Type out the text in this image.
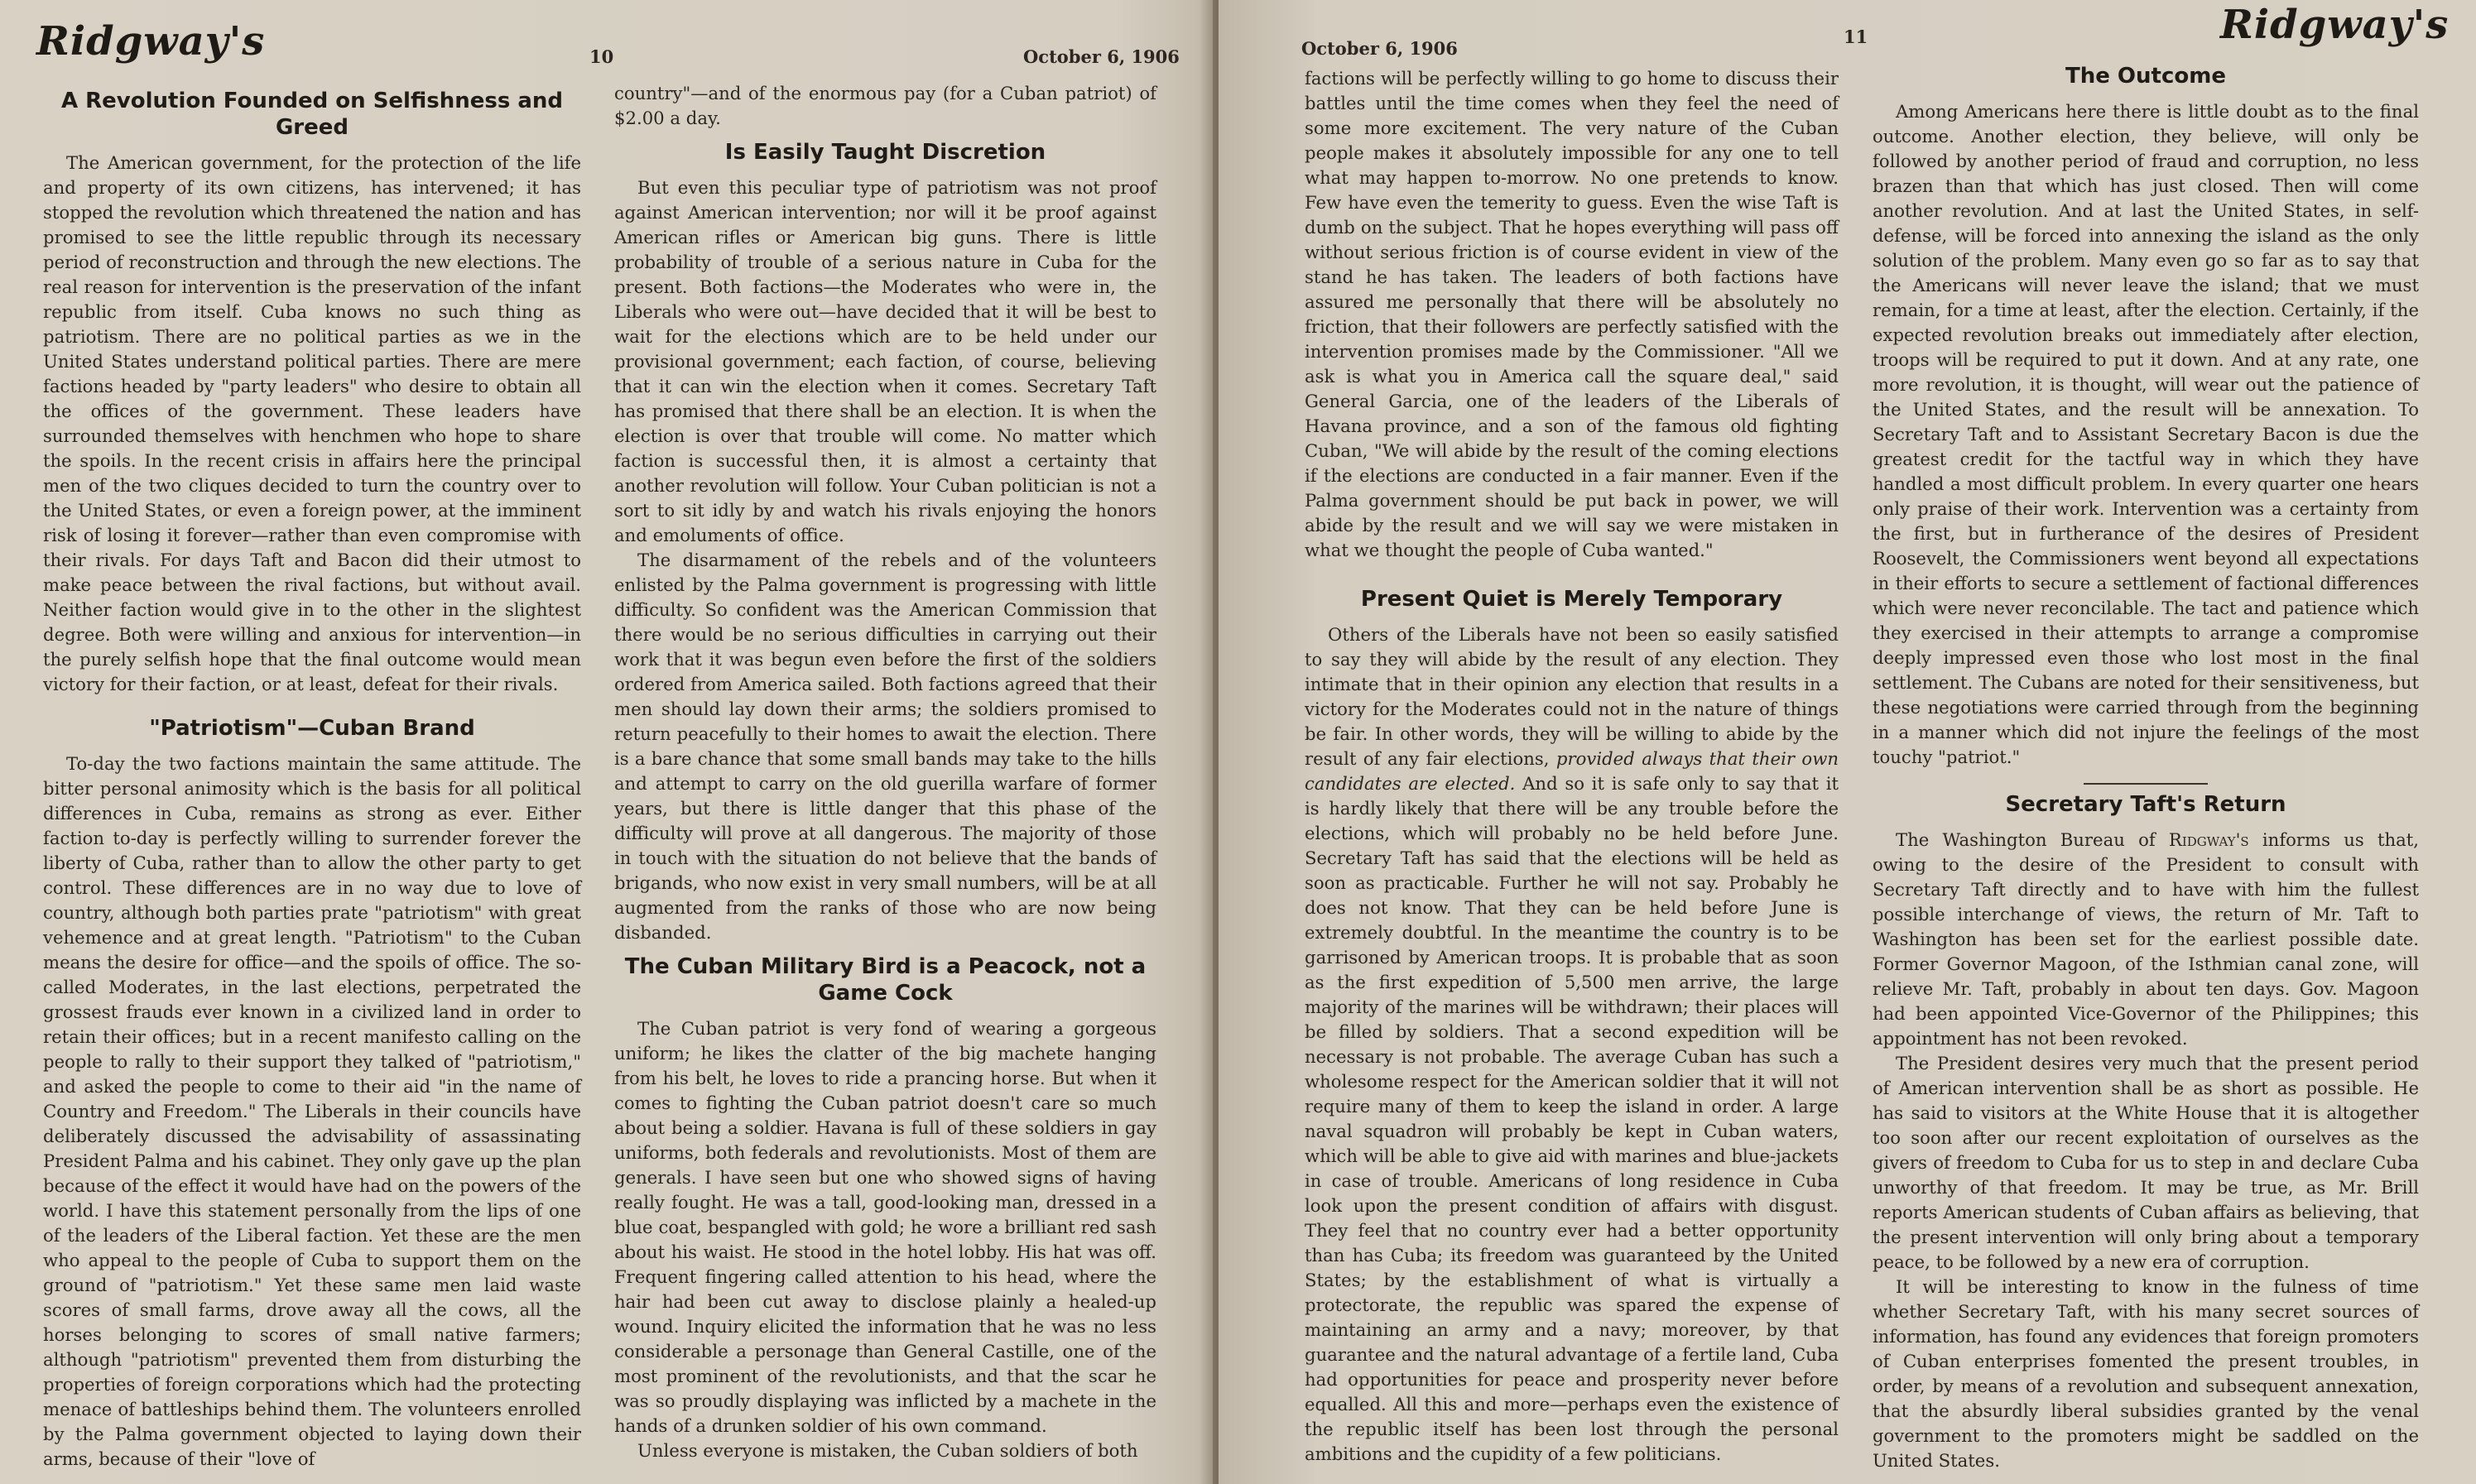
Ridgway's	10	October 6, 1906
A Revolution Founded on Selfishness and Greed

The American government, for the protection of the life and property of its own citizens, has intervened; it has stopped the revolution which threatened the nation and has promised to see the little republic through its necessary period of reconstruction and through the new elections. The real reason for intervention is the preservation of the infant republic from itself. Cuba knows no such thing as patriotism. There are no political parties as we in the United States understand political parties. There are mere factions headed by "party leaders" who desire to obtain all the offices of the government. These leaders have surrounded themselves with henchmen who hope to share the spoils. In the recent crisis in affairs here the principal men of the two cliques decided to turn the country over to the United States, or even a foreign power, at the imminent risk of losing it forever—rather than even compromise with their rivals. For days Taft and Bacon did their utmost to make peace between the rival factions, but without avail. Neither faction would give in to the other in the slightest degree. Both were willing and anxious for intervention—in the purely selfish hope that the final outcome would mean victory for their faction, or at least, defeat for their rivals.

"Patriotism"—Cuban Brand

To-day the two factions maintain the same attitude. The bitter personal animosity which is the basis for all political differences in Cuba, remains as strong as ever. Either faction to-day is perfectly willing to surrender forever the liberty of Cuba, rather than to allow the other party to get control. These differences are in no way due to love of country, although both parties prate "patriotism" with great vehemence and at great length. "Patriotism" to the Cuban means the desire for office—and the spoils of office. The so-called Moderates, in the last elections, perpetrated the grossest frauds ever known in a civilized land in order to retain their offices; but in a recent manifesto calling on the people to rally to their support they talked of "patriotism," and asked the people to come to their aid "in the name of Country and Freedom." The Liberals in their councils have deliberately discussed the advisability of assassinating President Palma and his cabinet. They only gave up the plan because of the effect it would have had on the powers of the world. I have this statement personally from the lips of one of the leaders of the Liberal faction. Yet these are the men who appeal to the people of Cuba to support them on the ground of "patriotism." Yet these same men laid waste scores of small farms, drove away all the cows, all the horses belonging to scores of small native farmers; although "patriotism" prevented them from disturbing the properties of foreign corporations which had the protecting menace of battleships behind them. The volunteers enrolled by the Palma government objected to laying down their arms, because of their "love of

country"—and of the enormous pay (for a Cuban patriot) of $2.00 a day.

Is Easily Taught Discretion

But even this peculiar type of patriotism was not proof against American intervention; nor will it be proof against American rifles or American big guns. There is little probability of trouble of a serious nature in Cuba for the present. Both factions—the Moderates who were in, the Liberals who were out—have decided that it will be best to wait for the elections which are to be held under our provisional government; each faction, of course, believing that it can win the election when it comes. Secretary Taft has promised that there shall be an election. It is when the election is over that trouble will come. No matter which faction is successful then, it is almost a certainty that another revolution will follow. Your Cuban politician is not a sort to sit idly by and watch his rivals enjoying the honors and emoluments of office.

The disarmament of the rebels and of the volunteers enlisted by the Palma government is progressing with little difficulty. So confident was the American Commission that there would be no serious difficulties in carrying out their work that it was begun even before the first of the soldiers ordered from America sailed. Both factions agreed that their men should lay down their arms; the soldiers promised to return peacefully to their homes to await the election. There is a bare chance that some small bands may take to the hills and attempt to carry on the old guerilla warfare of former years, but there is little danger that this phase of the difficulty will prove at all dangerous. The majority of those in touch with the situation do not believe that the bands of brigands, who now exist in very small numbers, will be at all augmented from the ranks of those who are now being disbanded.

The Cuban Military Bird is a Peacock, not a Game Cock

The Cuban patriot is very fond of wearing a gorgeous uniform; he likes the clatter of the big machete hanging from his belt, he loves to ride a prancing horse. But when it comes to fighting the Cuban patriot doesn't care so much about being a soldier. Havana is full of these soldiers in gay uniforms, both federals and revolutionists. Most of them are generals. I have seen but one who showed signs of having really fought. He was a tall, good-looking man, dressed in a blue coat, bespangled with gold; he wore a brilliant red sash about his waist. He stood in the hotel lobby. His hat was off. Frequent fingering called attention to his head, where the hair had been cut away to disclose plainly a healed-up wound. Inquiry elicited the information that he was no less considerable a personage than General Castille, one of the most prominent of the revolutionists, and that the scar he was so proudly displaying was inflicted by a machete in the hands of a drunken soldier of his own command.

Unless everyone is mistaken, the Cuban soldiers of both

October 6, 1906
11	Ridgway's

factions will be perfectly willing to go home to discuss their battles until the time comes when they feel the need of some more excitement. The very nature of the Cuban people makes it absolutely impossible for any one to tell what may happen to-morrow. No one pretends to know. Few have even the temerity to guess. Even the wise Taft is dumb on the subject. That he hopes everything will pass off without serious friction is of course evident in view of the stand he has taken. The leaders of both factions have assured me personally that there will be absolutely no friction, that their followers are perfectly satisfied with the intervention promises made by the Commissioner. "All we ask is what you in America call the square deal," said General Garcia, one of the leaders of the Liberals of Havana province, and a son of the famous old fighting Cuban, "We will abide by the result of the coming elections if the elections are conducted in a fair manner. Even if the Palma government should be put back in power, we will abide by the result and we will say we were mistaken in what we thought the people of Cuba wanted."

Present Quiet is Merely Temporary

Others of the Liberals have not been so easily satisfied to say they will abide by the result of any election. They intimate that in their opinion any election that results in a victory for the Moderates could not in the nature of things be fair. In other words, they will be willing to abide by the result of any fair elections, provided always that their own candidates are elected. And so it is safe only to say that it is hardly likely that there will be any trouble before the elections, which will probably no be held before June. Secretary Taft has said that the elections will be held as soon as practicable. Further he will not say. Probably he does not know. That they can be held before June is extremely doubtful. In the meantime the country is to be garrisoned by American troops. It is probable that as soon as the first expedition of 5,500 men arrive, the large majority of the marines will be withdrawn; their places will be filled by soldiers. That a second expedition will be necessary is not probable. The average Cuban has such a wholesome respect for the American soldier that it will not require many of them to keep the island in order. A large naval squadron will probably be kept in Cuban waters, which will be able to give aid with marines and blue-jackets in case of trouble. Americans of long residence in Cuba look upon the present condition of affairs with disgust. They feel that no country ever had a better opportunity than has Cuba; its freedom was guaranteed by the United States; by the establishment of what is virtually a protectorate, the republic was spared the expense of maintaining an army and a navy; moreover, by that guarantee and the natural advantage of a fertile land, Cuba had opportunities for peace and prosperity never before equalled. All this and more—perhaps even the existence of the republic itself has been lost through the personal ambitions and the cupidity of a few politicians.

The Outcome

Among Americans here there is little doubt as to the final outcome. Another election, they believe, will only be followed by another period of fraud and corruption, no less brazen than that which has just closed. Then will come another revolution. And at last the United States, in self-defense, will be forced into annexing the island as the only solution of the problem. Many even go so far as to say that the Americans will never leave the island; that we must remain, for a time at least, after the election. Certainly, if the expected revolution breaks out immediately after election, troops will be required to put it down. And at any rate, one more revolution, it is thought, will wear out the patience of the United States, and the result will be annexation. To Secretary Taft and to Assistant Secretary Bacon is due the greatest credit for the tactful way in which they have handled a most difficult problem. In every quarter one hears only praise of their work. Intervention was a certainty from the first, but in furtherance of the desires of President Roosevelt, the Commissioners went beyond all expectations in their efforts to secure a settlement of factional differences which were never reconcilable. The tact and patience which they exercised in their attempts to arrange a compromise deeply impressed even those who lost most in the final settlement. The Cubans are noted for their sensitiveness, but these negotiations were carried through from the beginning in a manner which did not injure the feelings of the most touchy "patriot."

Secretary Taft's Return

The Washington Bureau of Ridgway's informs us that, owing to the desire of the President to consult with Secretary Taft directly and to have with him the fullest possible interchange of views, the return of Mr. Taft to Washington has been set for the earliest possible date. Former Governor Magoon, of the Isthmian canal zone, will relieve Mr. Taft, probably in about ten days. Gov. Magoon had been appointed Vice-Governor of the Philippines; this appointment has not been revoked.

The President desires very much that the present period of American intervention shall be as short as possible. He has said to visitors at the White House that it is altogether too soon after our recent exploitation of ourselves as the givers of freedom to Cuba for us to step in and declare Cuba unworthy of that freedom. It may be true, as Mr. Brill reports American students of Cuban affairs as believing, that the present intervention will only bring about a temporary peace, to be followed by a new era of corruption.

It will be interesting to know in the fulness of time whether Secretary Taft, with his many secret sources of information, has found any evidences that foreign promoters of Cuban enterprises fomented the present troubles, in order, by means of a revolution and subsequent annexation, that the absurdly liberal subsidies granted by the venal government to the promoters might be saddled on the United States.
